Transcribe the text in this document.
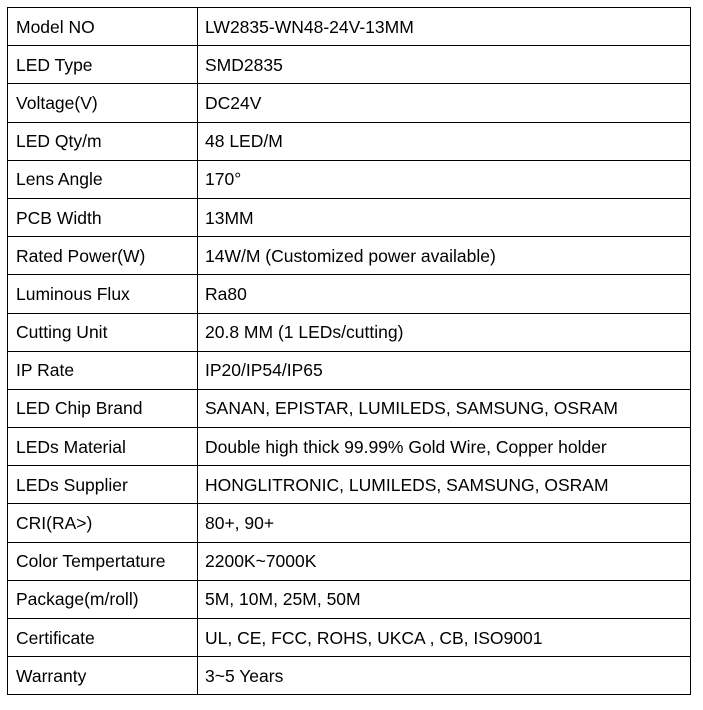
Model NO	LW2835-WN48-24V-13MM
LED Type	SMD2835
Voltage(V)	DC24V
LED Qty/m	48 LED/M
Lens Angle	170°
PCB Width	13MM
Rated Power(W)	14W/M (Customized power available)
Luminous Flux	Ra80
Cutting Unit	20.8 MM (1 LEDs/cutting)
IP Rate	IP20/IP54/IP65
LED Chip Brand	SANAN, EPISTAR, LUMILEDS, SAMSUNG, OSRAM
LEDs Material	Double high thick 99.99% Gold Wire, Copper holder
LEDs Supplier	HONGLITRONIC, LUMILEDS, SAMSUNG, OSRAM
CRI(RA>)	80+, 90+
Color Tempertature	2200K~7000K
Package(m/roll)	5M, 10M, 25M, 50M
Certificate	UL, CE, FCC, ROHS, UKCA , CB, ISO9001
Warranty	3~5 Years
